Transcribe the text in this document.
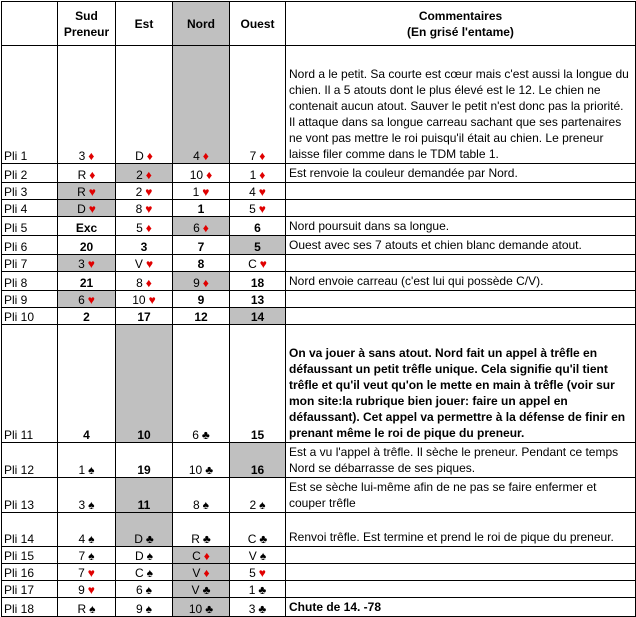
	Sud
Preneur	Est	Nord	Ouest	Commentaires
(En grisé l'entame)

Pli 1	3 ♦	D ♦	4 ♦	7 ♦	Nord a le petit. Sa courte est cœur mais c'est aussi la longue du chien. Il a 5 atouts dont le plus élevé est le 12. Le chien ne contenait aucun atout. Sauver le petit n'est donc pas la priorité. Il attaque dans sa longue carreau sachant que ses partenaires ne vont pas mettre le roi puisqu'il était au chien. Le preneur laisse filer comme dans le TDM table 1.
Pli 2	R ♦	2 ♦	10 ♦	1 ♦	Est renvoie la couleur demandée par Nord.
Pli 3	R ♥	2 ♥	1 ♥	4 ♥	
Pli 4	D ♥	8 ♥	1	5 ♥	
Pli 5	Exc	5 ♦	6 ♦	6	Nord poursuit dans sa longue.
Pli 6	20	3	7	5	Ouest avec ses 7 atouts et chien blanc demande atout.
Pli 7	3 ♥	V ♥	8	C ♥	
Pli 8	21	8 ♦	9 ♦	18	Nord envoie carreau (c'est lui qui possède C/V).
Pli 9	6 ♥	10 ♥	9	13	
Pli 10	2	17	12	14	
Pli 11	4	10	6 ♣	15	On va jouer à sans atout. Nord fait un appel à trêfle en défaussant un petit trêfle unique. Cela signifie qu'il tient trêfle et qu'il veut qu'on le mette en main à trêfle (voir sur mon site:la rubrique bien jouer: faire un appel en défaussant). Cet appel va permettre à la défense de finir en prenant même le roi de pique du preneur.
Pli 12	1 ♠	19	10 ♣	16	Est a vu l'appel à trêfle. Il sèche le preneur. Pendant ce temps Nord se débarrasse de ses piques.
Pli 13	3 ♠	11	8 ♠	2 ♠	Est se sèche lui-même afin de ne pas se faire enfermer et couper trêfle
Pli 14	4 ♠	D ♣	R ♣	C ♣	Renvoi trêfle. Est termine et prend le roi de pique du preneur.
Pli 15	7 ♠	D ♠	C ♦	V ♠	
Pli 16	7 ♥	C ♠	V ♦	5 ♥	
Pli 17	9 ♥	6 ♠	V ♣	1 ♣	
Pli 18	R ♠	9 ♠	10 ♣	3 ♣	Chute de 14. -78
